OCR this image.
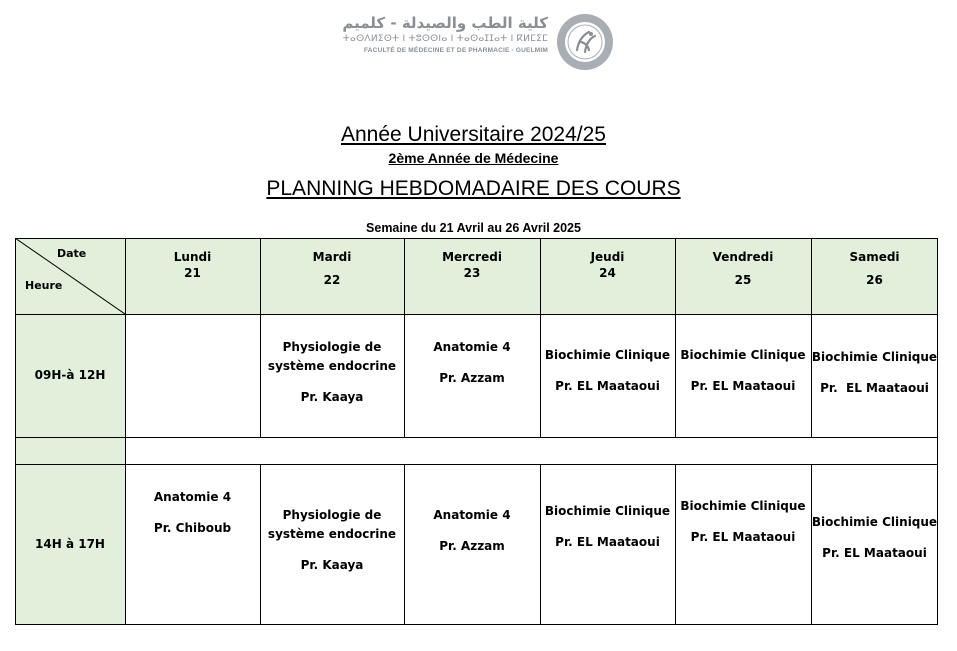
كلية الطب والصيدلة - كلميم
ⵜⴰⵙⴷⵍⵉⵙⵜ ⵏ ⵜⵓⵙⵙⵏⴰ ⵏ ⵜⴰⵙⴰⵊⵊⴰⵜ ⵏ ⴽⵍⵎⵉⵎ
FACULTÉ DE MÉDECINE ET DE PHARMACIE - GUELMIM
Année Universitaire 2024/25
2ème Année de Médecine
PLANNING HEBDOMADAIRE DES COURS
Semaine du 21 Avril au 26 Avril 2025
Date
Heure
Lundi
21
Mardi
22
Mercredi
23
Jeudi
24
Vendredi
25
Samedi
26
09H-à 12H
Physiologie de système endocrine
Pr. Kaaya
Anatomie 4
Pr. Azzam
Biochimie Clinique
Pr. EL Maataoui
Biochimie Clinique
Pr. EL Maataoui
Biochimie Clinique
Pr.  EL Maataoui
14H à 17H
Anatomie 4
Pr. Chiboub
Physiologie de système endocrine
Pr. Kaaya
Anatomie 4
Pr. Azzam
Biochimie Clinique
Pr. EL Maataoui
Biochimie Clinique
Pr. EL Maataoui
Biochimie Clinique
Pr. EL Maataoui
